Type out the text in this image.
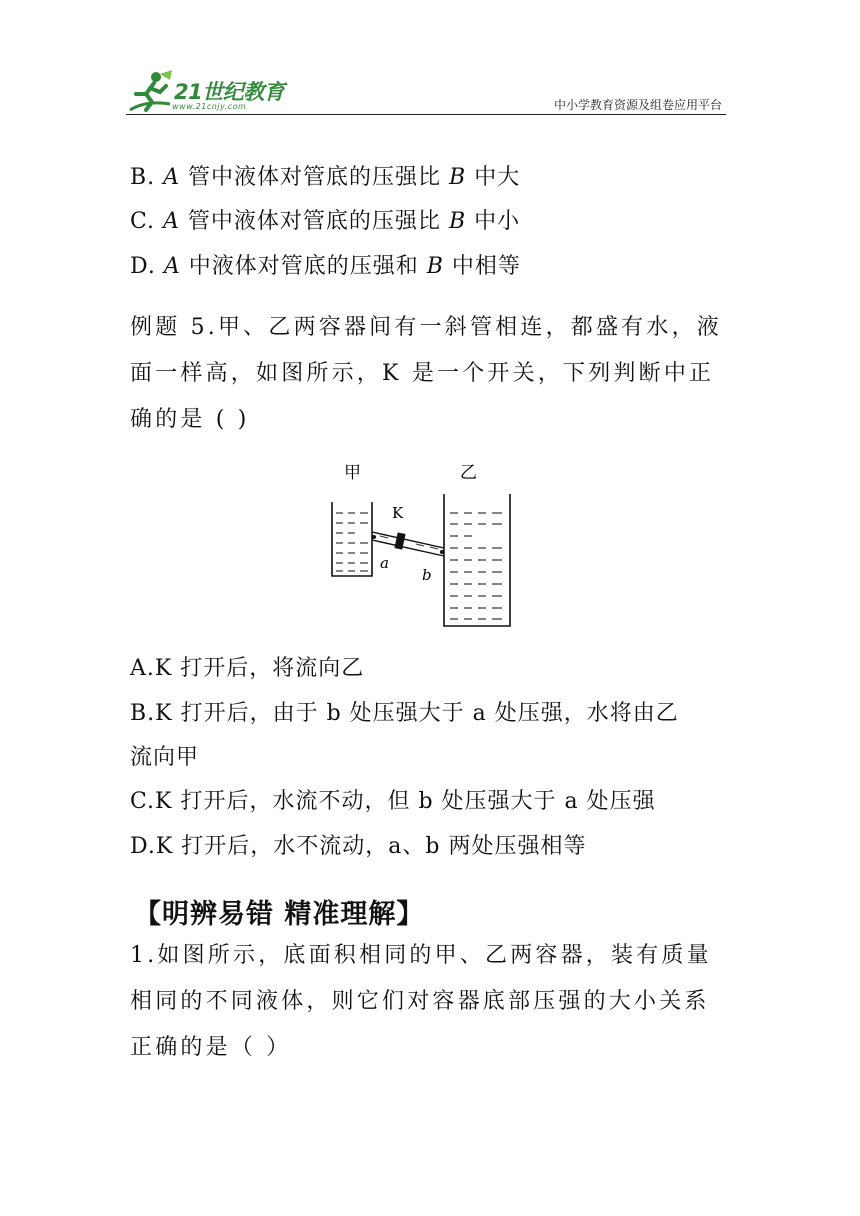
21世纪教育
www.21cnjy.com	中小学教育资源及组卷应用平台
B. A 管中液体对管底的压强比 B 中大
C. A 管中液体对管底的压强比 B 中小
D. A 中液体对管底的压强和 B 中相等
例题 5.甲、乙两容器间有一斜管相连，都盛有水，液
面一样高，如图所示，K 是一个开关，下列判断中正
确的是 ( )
甲	乙
K
a
b
A.K 打开后，将流向乙
B.K 打开后，由于 b 处压强大于 a 处压强，水将由乙
流向甲
C.K 打开后，水流不动，但 b 处压强大于 a 处压强
D.K 打开后，水不流动，a、b 两处压强相等
【明辨易错 精准理解】
1.如图所示，底面积相同的甲、乙两容器，装有质量
相同的不同液体，则它们对容器底部压强的大小关系
正确的是（ ）
